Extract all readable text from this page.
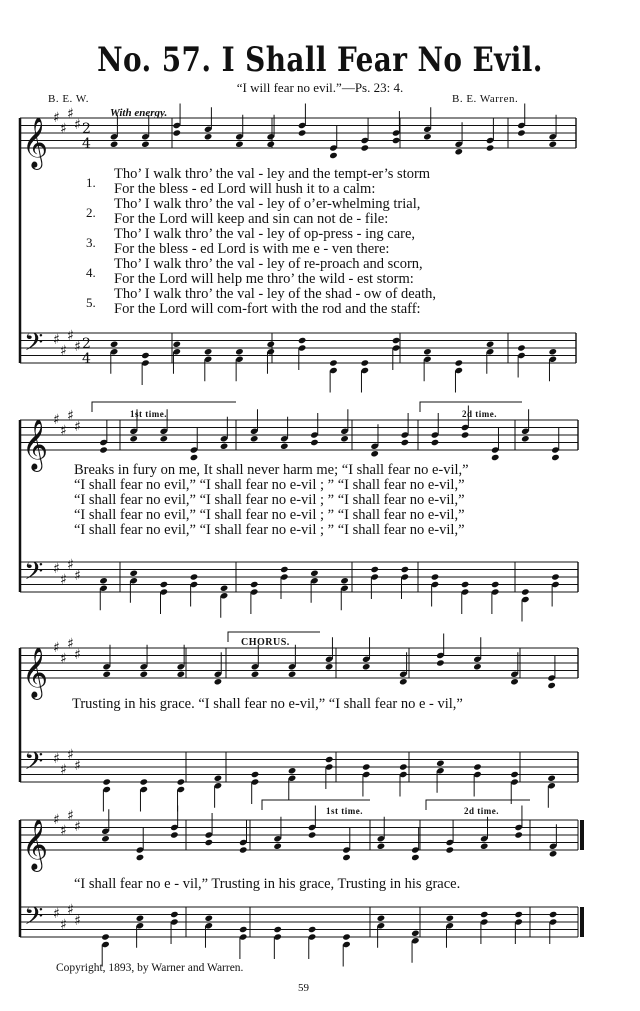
No. 57. I Shall Fear No Evil.
“I will fear no evil.”—Ps. 23: 4.
B. E. W.	B. E. Warren.
With energy.
𝄞
𝄢
♯
♯
♯
♯
♯
♯
♯
♯
2
4
2
4
𝄞
𝄢
♯
♯
♯
♯
♯
♯
♯
♯
𝄞
𝄢
♯
♯
♯
♯
♯
♯
♯
♯
𝄞
𝄢
♯
♯
♯
♯
♯
♯
♯
♯
1.
2.
3.
4.
5.
Tho’ I walk thro’ the val - ley and the tempt-er’s storm
For the bless - ed Lord will hush it to a calm:
Tho’ I walk thro’ the val - ley of o’er-whelming trial,
For the Lord will keep and sin can not de - file:
Tho’ I walk thro’ the val - ley of op-press - ing care,
For the bless - ed Lord is with me e - ven there:
Tho’ I walk thro’ the val - ley of re-proach and scorn,
For the Lord will help me thro’ the wild - est storm:
Tho’ I walk thro’ the val - ley of the shad - ow of death,
For the Lord will com-fort with the rod and the staff:
1st time.	2d time.
Breaks in fury on me, It shall never harm me; “I shall fear no e-vil,”
“I shall fear no evil,” “I shall fear no e-vil ; ” “I shall fear no e-vil,”
“I shall fear no evil,” “I shall fear no e-vil ; ” “I shall fear no e-vil,”
“I shall fear no evil,” “I shall fear no e-vil ; ” “I shall fear no e-vil,”
“I shall fear no evil,” “I shall fear no e-vil ; ” “I shall fear no e-vil,”
CHORUS.
Trusting in his grace. “I shall fear no e-vil,” “I shall fear no e - vil,”
1st time.	2d time.
“I shall fear no e - vil,” Trusting in his grace, Trusting in his grace.
Copyright, 1893, by Warner and Warren.
59
